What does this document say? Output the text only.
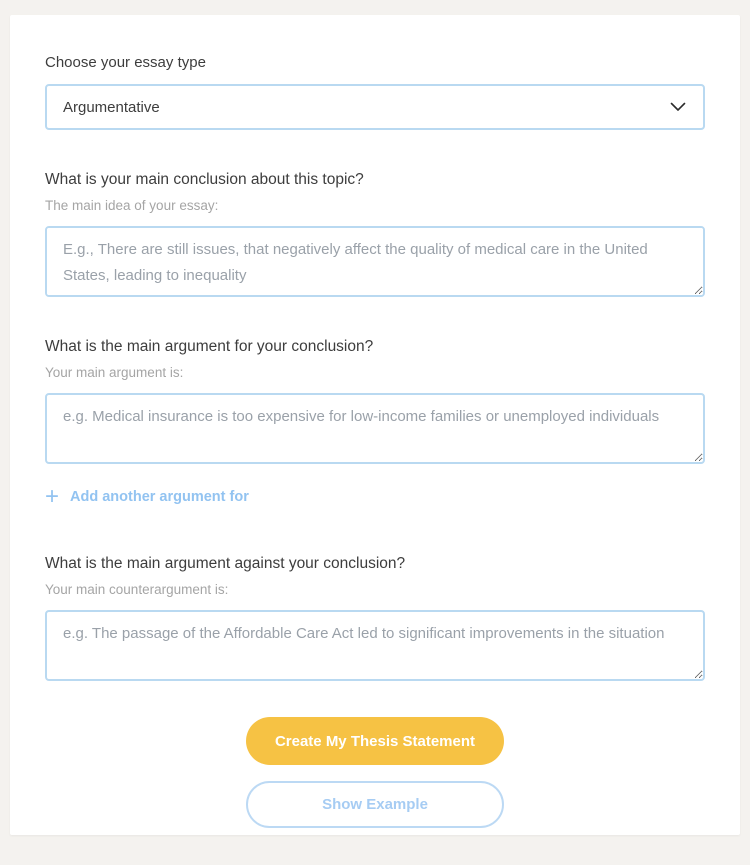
Choose your essay type
Argumentative
What is your main conclusion about this topic?
The main idea of your essay:
E.g., There are still issues, that negatively affect the quality of medical care in the United States, leading to inequality
What is the main argument for your conclusion?
Your main argument is:
e.g. Medical insurance is too expensive for low-income families or unemployed individuals
+ Add another argument for
What is the main argument against your conclusion?
Your main counterargument is:
e.g. The passage of the Affordable Care Act led to significant improvements in the situation
Create My Thesis Statement
Show Example
